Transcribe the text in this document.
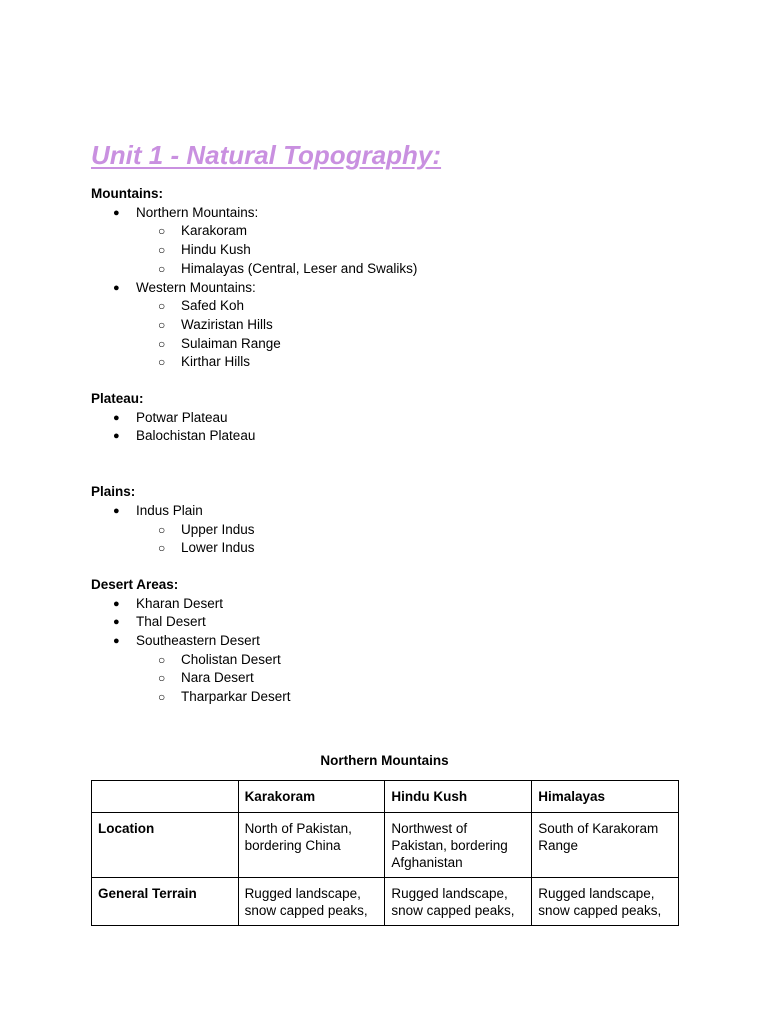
Unit 1 - Natural Topography:
Mountains:
● Northern Mountains:
○ Karakoram
○ Hindu Kush
○ Himalayas (Central, Leser and Swaliks)
● Western Mountains:
○ Safed Koh
○ Waziristan Hills
○ Sulaiman Range
○ Kirthar Hills
Plateau:
● Potwar Plateau
● Balochistan Plateau
Plains:
● Indus Plain
○ Upper Indus
○ Lower Indus
Desert Areas:
● Kharan Desert
● Thal Desert
● Southeastern Desert
○ Cholistan Desert
○ Nara Desert
○ Tharparkar Desert
Northern Mountains
	Karakoram	Hindu Kush	Himalayas
Location	North of Pakistan, bordering China	Northwest of Pakistan, bordering Afghanistan	South of Karakoram Range
General Terrain	Rugged landscape, snow capped peaks,	Rugged landscape, snow capped peaks,	Rugged landscape, snow capped peaks,
